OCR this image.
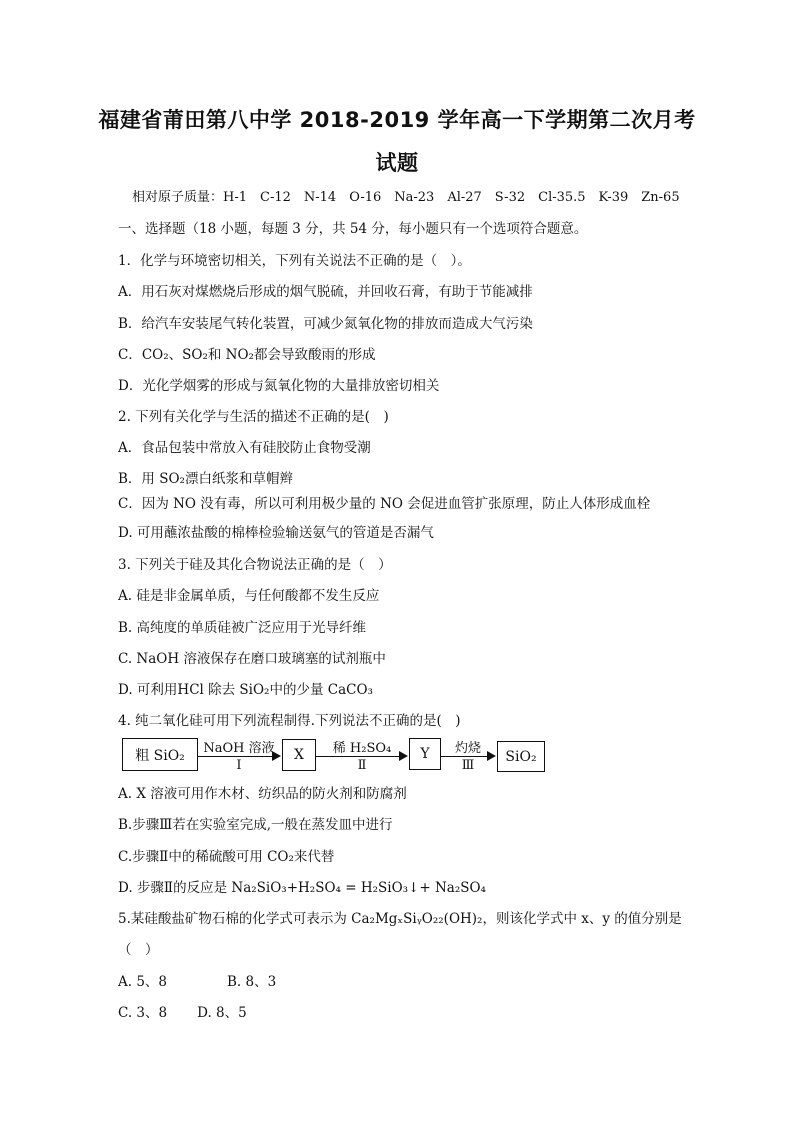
福建省莆田第八中学 2018-2019 学年高一下学期第二次月考
试题
相对原子质量：H-1　C-12　N-14　O-16　Na-23　Al-27　S-32　Cl-35.5　K-39　Zn-65
一、选择题（18 小题，每题 3 分，共 54 分，每小题只有一个选项符合题意。
1．化学与环境密切相关，下列有关说法不正确的是（　）。
A．用石灰对煤燃烧后形成的烟气脱硫，并回收石膏，有助于节能减排
B．给汽车安装尾气转化装置，可减少氮氧化物的排放而造成大气污染
C．CO₂、SO₂和 NO₂都会导致酸雨的形成
D．光化学烟雾的形成与氮氧化物的大量排放密切相关
2. 下列有关化学与生活的描述不正确的是(　)
A．食品包装中常放入有硅胶防止食物受潮
B．用 SO₂漂白纸浆和草帽辫
C．因为 NO 没有毒，所以可利用极少量的 NO 会促进血管扩张原理，防止人体形成血栓
D. 可用蘸浓盐酸的棉棒检验输送氨气的管道是否漏气
3. 下列关于硅及其化合物说法正确的是（　）
A. 硅是非金属单质，与任何酸都不发生反应
B. 高纯度的单质硅被广泛应用于光导纤维
C. NaOH 溶液保存在磨口玻璃塞的试剂瓶中
D. 可利用HCl 除去 SiO₂中的少量 CaCO₃
4. 纯二氧化硅可用下列流程制得.下列说法不正确的是(　)
粗 SiO₂	NaOH 溶液
Ⅰ
X	稀 H₂SO₄
Ⅱ
Y	灼烧
Ⅲ
SiO₂
A. X 溶液可用作木材、纺织品的防火剂和防腐剂
B.步骤Ⅲ若在实验室完成,一般在蒸发皿中进行
C.步骤Ⅱ中的稀硫酸可用 CO₂来代替
D. 步骤Ⅱ的反应是 Na₂SiO₃+H₂SO₄ = H₂SiO₃↓+ Na₂SO₄
5.某硅酸盐矿物石棉的化学式可表示为 Ca₂MgₓSiᵧO₂₂(OH)₂，则该化学式中 x、y 的值分别是
（　）
A. 5、8	B. 8、3
C. 3、8 D. 8、5
